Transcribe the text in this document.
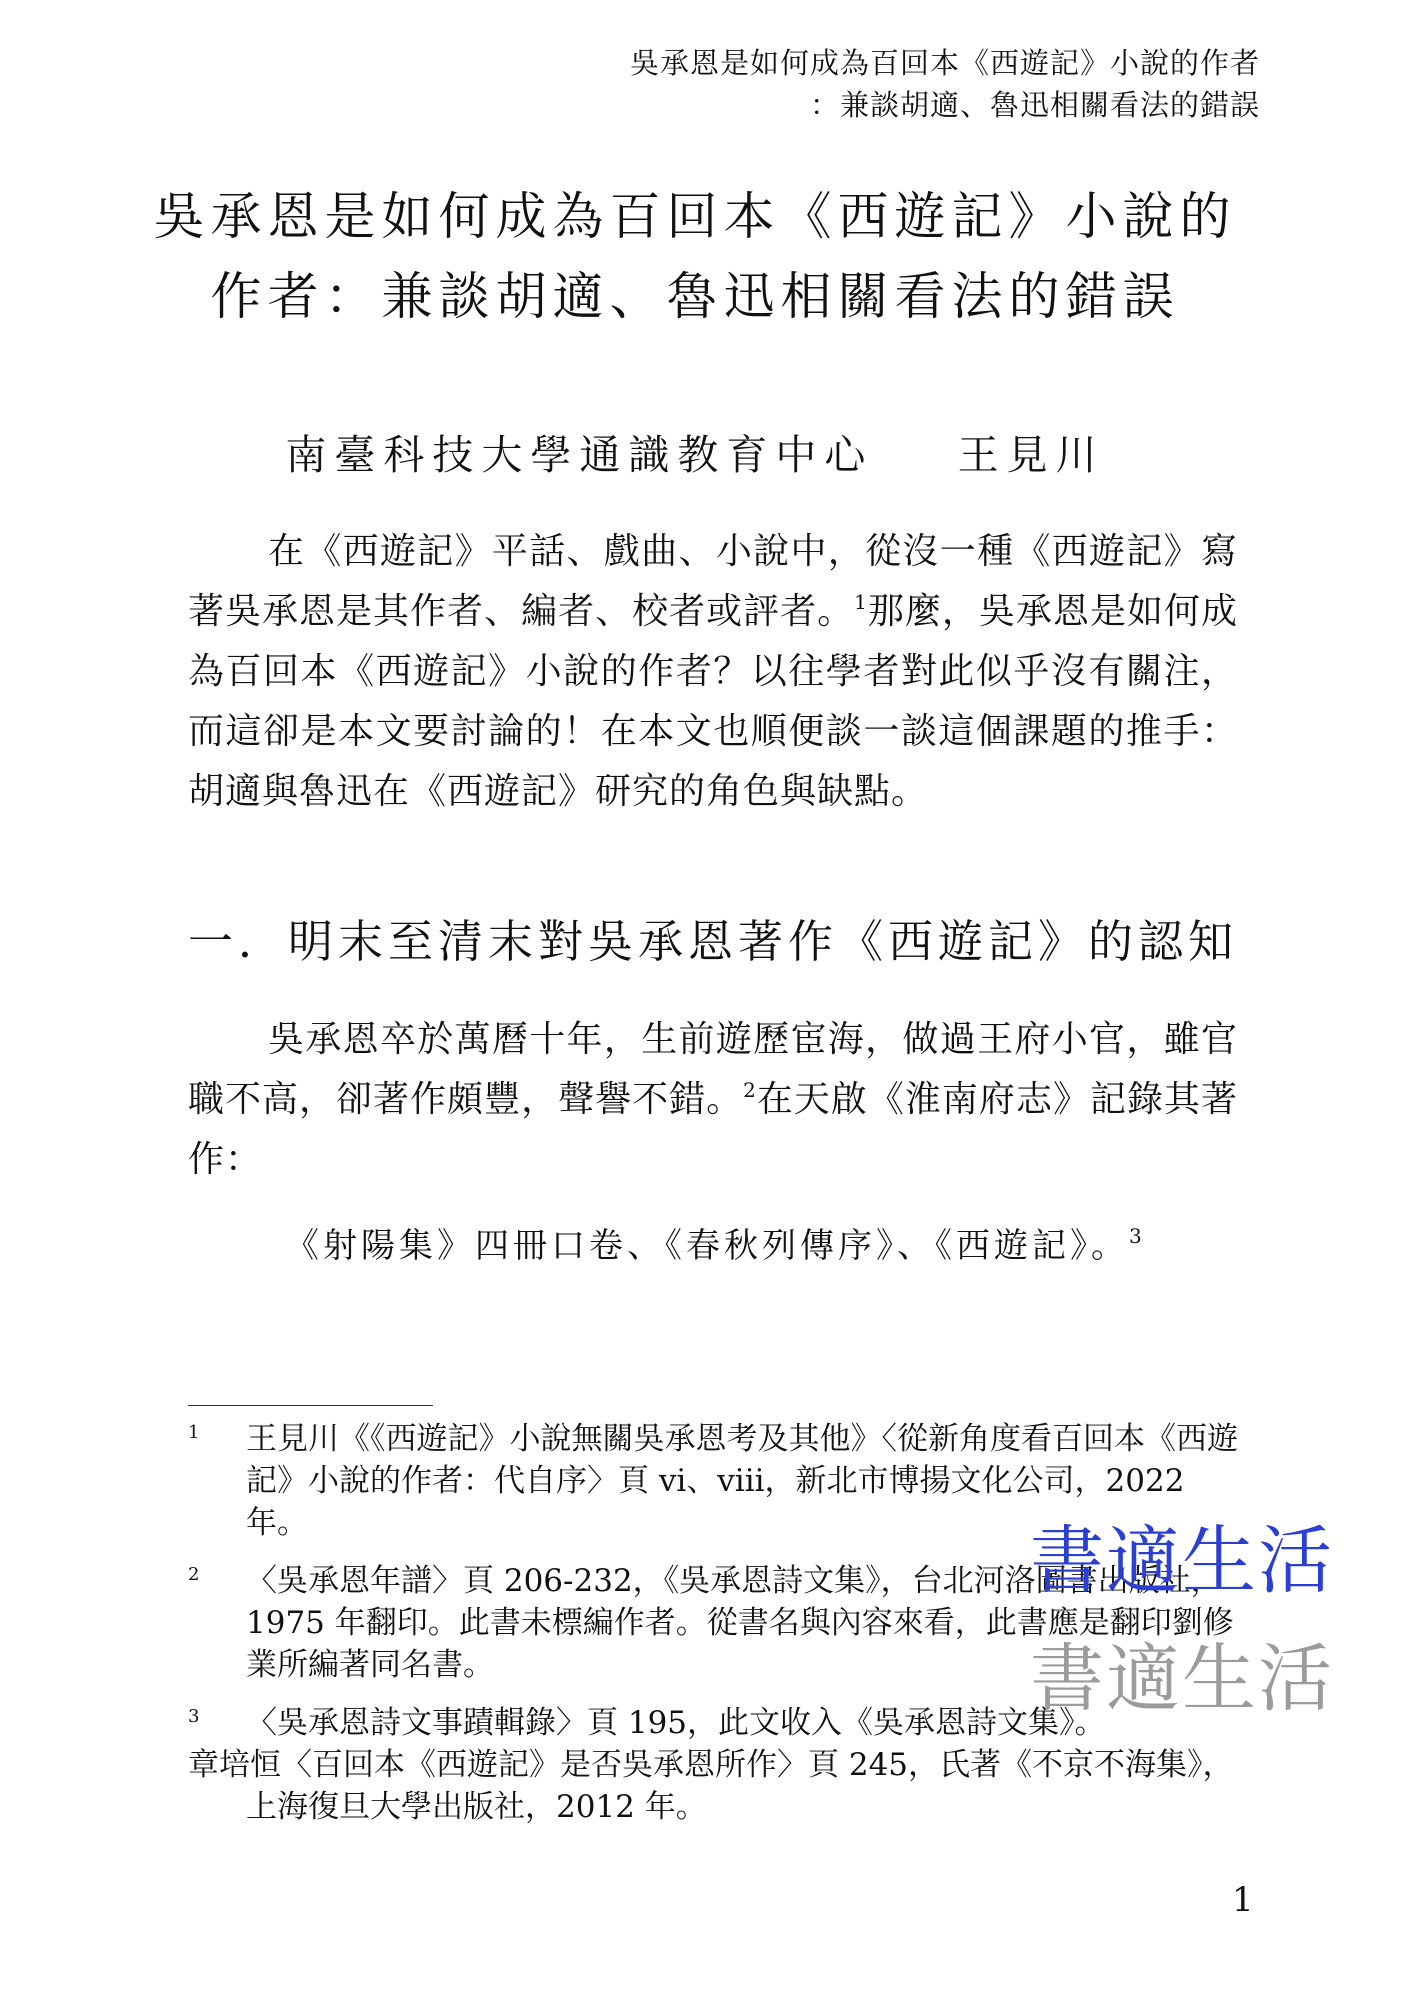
吳承恩是如何成為百回本《西遊記》小說的作者
：兼談胡適、魯迅相關看法的錯誤
吳承恩是如何成為百回本《西遊記》小說的
作者：兼談胡適、魯迅相關看法的錯誤
南臺科技大學通識教育中心 王見川
在《西遊記》平話、戲曲、小說中，從沒一種《西遊記》寫著吳承恩是其作者、編者、校者或評者。$^1$那麼，吳承恩是如何成為百回本《西遊記》小說的作者？以往學者對此似乎沒有關注，而這卻是本文要討論的！在本文也順便談一談這個課題的推手：胡適與魯迅在《西遊記》研究的角色與缺點。
一．明末至清末對吳承恩著作《西遊記》的認知
吳承恩卒於萬曆十年，生前遊歷宦海，做過王府小官，雖官職不高，卻著作頗豐，聲譽不錯。$^2$在天啟《淮南府志》記錄其著作：
《射陽集》四冊口卷、《春秋列傳序》、《西遊記》。$^3$
1 王見川《《西遊記》小說無關吳承恩考及其他》〈從新角度看百回本《西遊記》小說的作者：代自序〉頁 vi、viii，新北市博揚文化公司，2022 年。
2 〈吳承恩年譜〉頁 206-232，《吳承恩詩文集》，台北河洛圖書出版社，1975 年翻印。此書未標編作者。從書名與內容來看，此書應是翻印劉修業所編著同名書。
3 〈吳承恩詩文事蹟輯錄〉頁 195，此文收入《吳承恩詩文集》。
章培恒〈百回本《西遊記》是否吳承恩所作〉頁 245，氏著《不京不海集》，上海復旦大學出版社，2012 年。
書適生活
書適生活
1
